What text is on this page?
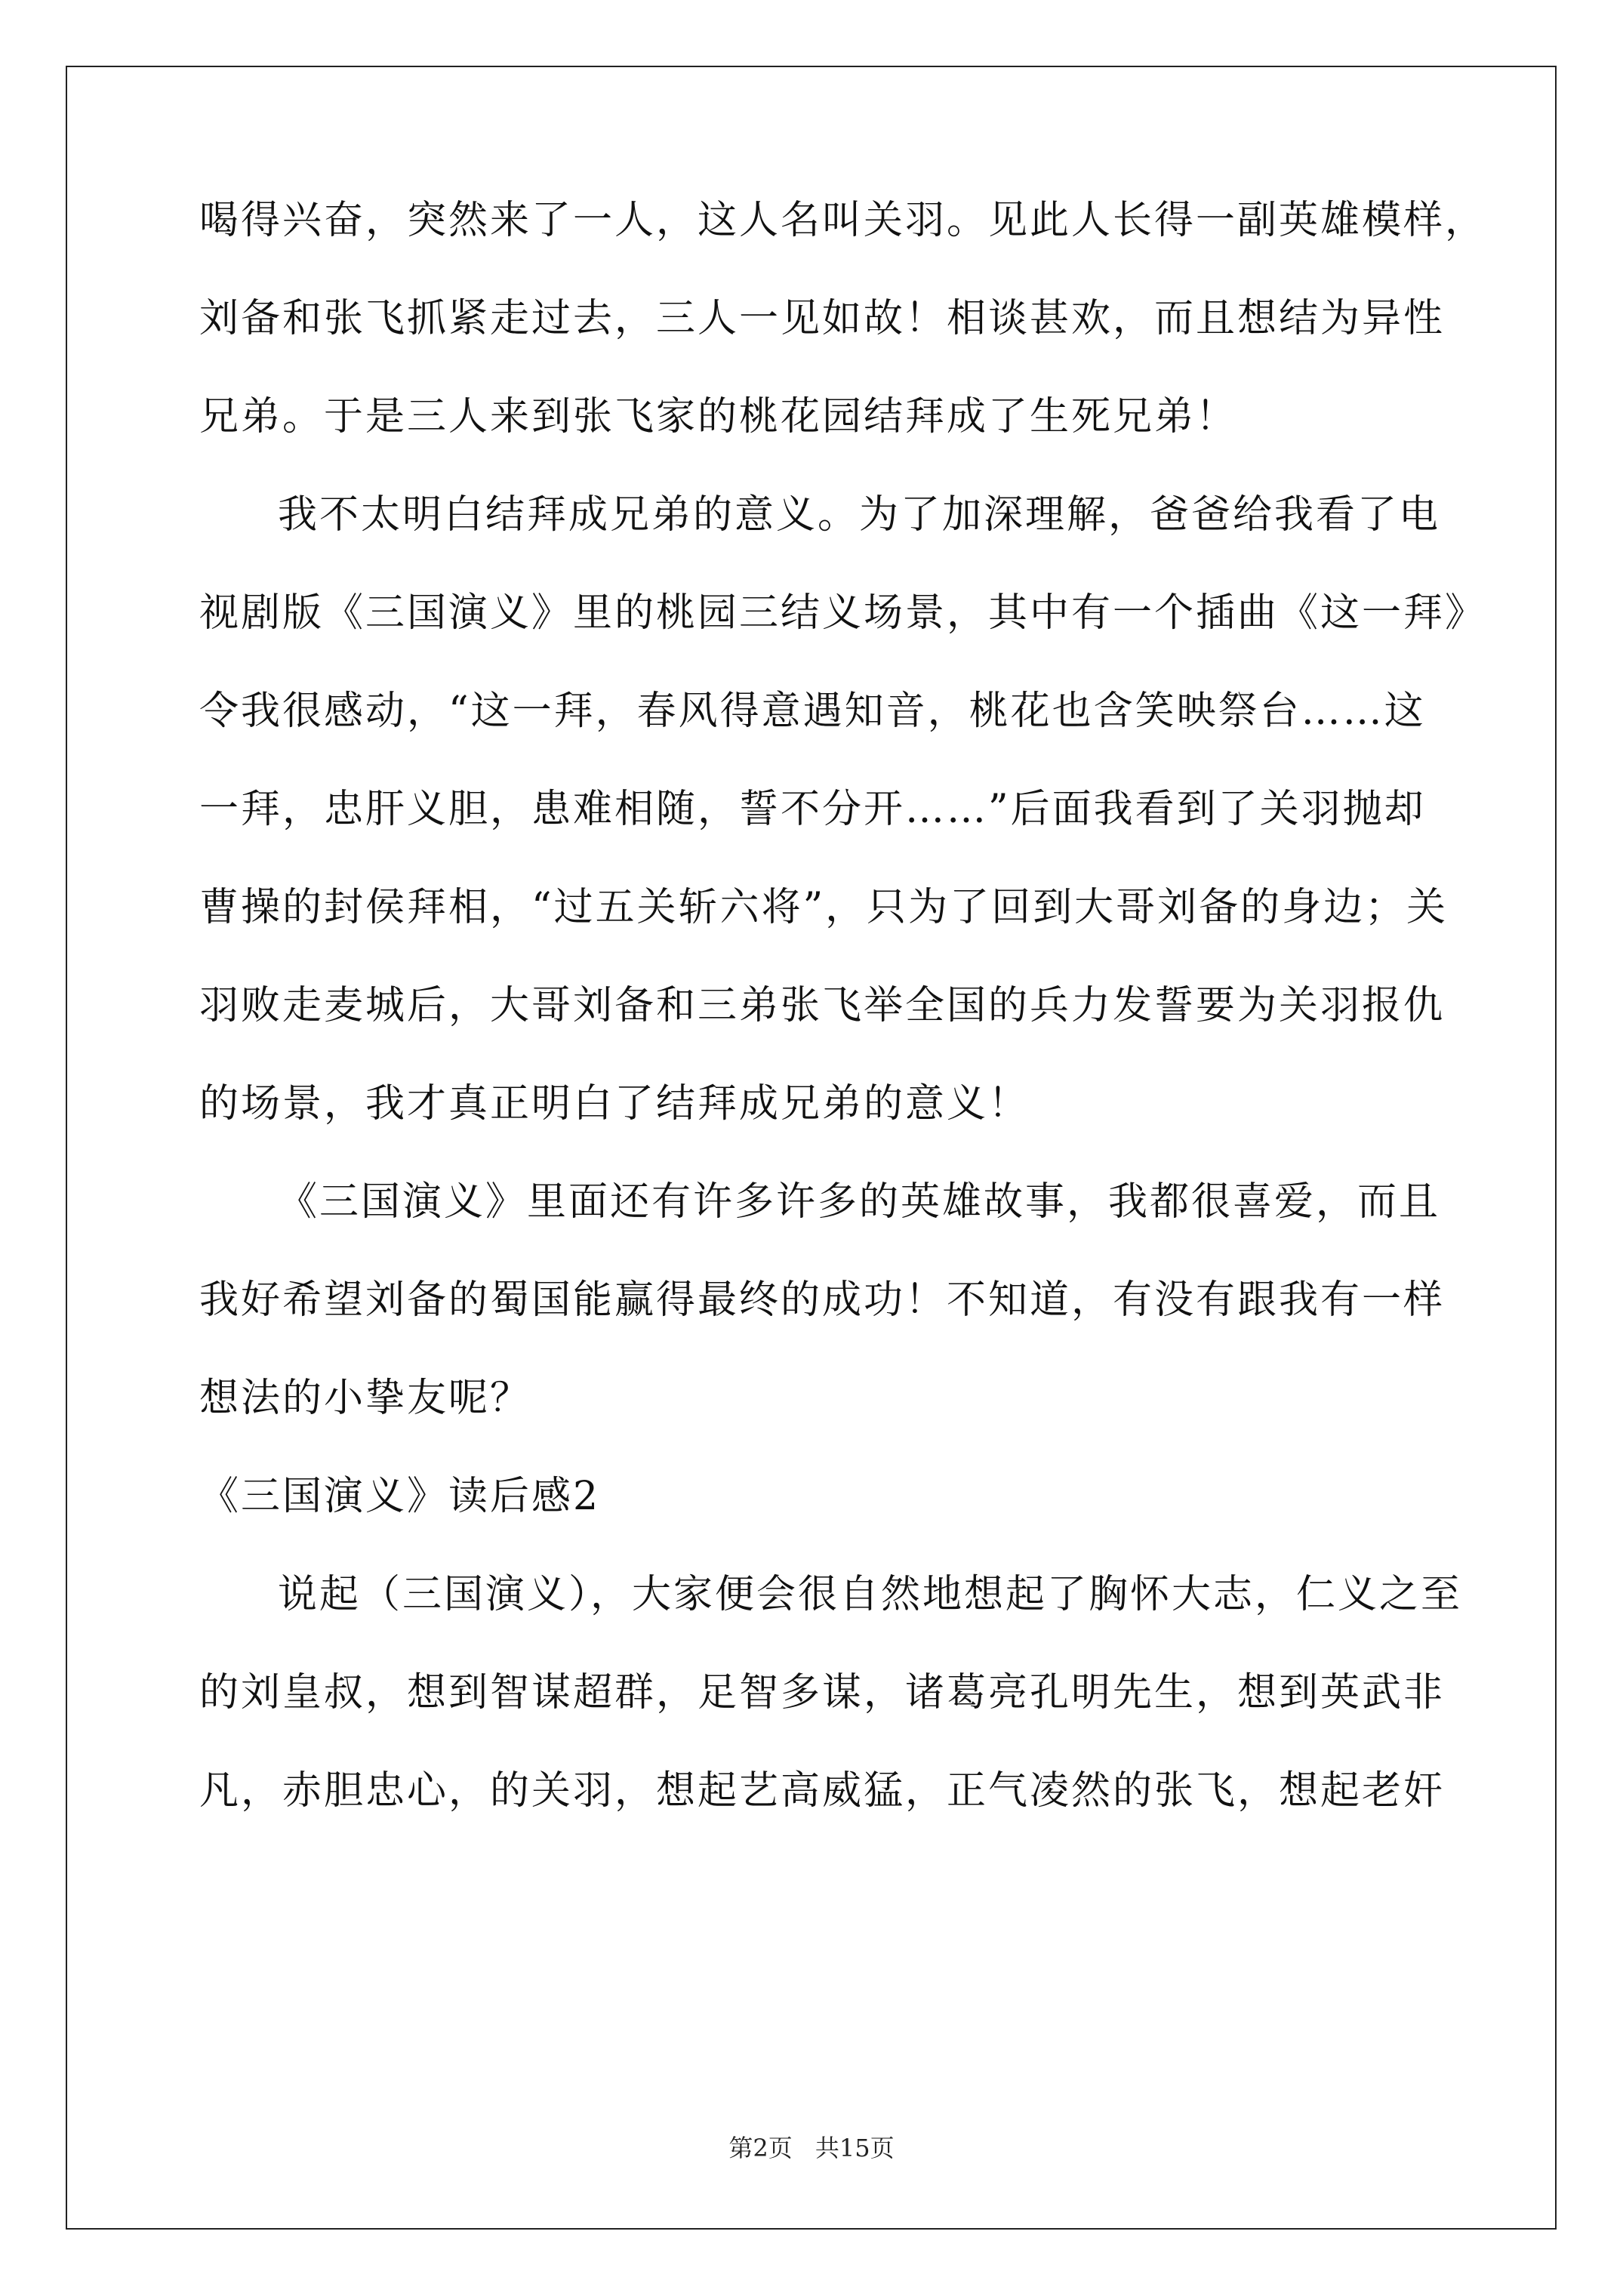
喝得兴奋，突然来了一人，这人名叫关羽。见此人长得一副英雄模样，
刘备和张飞抓紧走过去，三人一见如故！相谈甚欢，而且想结为异性
兄弟。于是三人来到张飞家的桃花园结拜成了生死兄弟！
我不太明白结拜成兄弟的意义。为了加深理解，爸爸给我看了电
视剧版《三国演义》里的桃园三结义场景，其中有一个插曲《这一拜》
令我很感动，“这一拜，春风得意遇知音，桃花也含笑映祭台……这
一拜，忠肝义胆，患难相随，誓不分开……”后面我看到了关羽抛却
曹操的封侯拜相，“过五关斩六将”，只为了回到大哥刘备的身边；关
羽败走麦城后，大哥刘备和三弟张飞举全国的兵力发誓要为关羽报仇
的场景，我才真正明白了结拜成兄弟的意义！
《三国演义》里面还有许多许多的英雄故事，我都很喜爱，而且
我好希望刘备的蜀国能赢得最终的成功！不知道，有没有跟我有一样
想法的小挚友呢？
《三国演义》读后感2
说起（三国演义），大家便会很自然地想起了胸怀大志，仁义之至
的刘皇叔，想到智谋超群，足智多谋，诸葛亮孔明先生，想到英武非
凡，赤胆忠心，的关羽，想起艺高威猛，正气凌然的张飞，想起老奸
第2页 共15页
